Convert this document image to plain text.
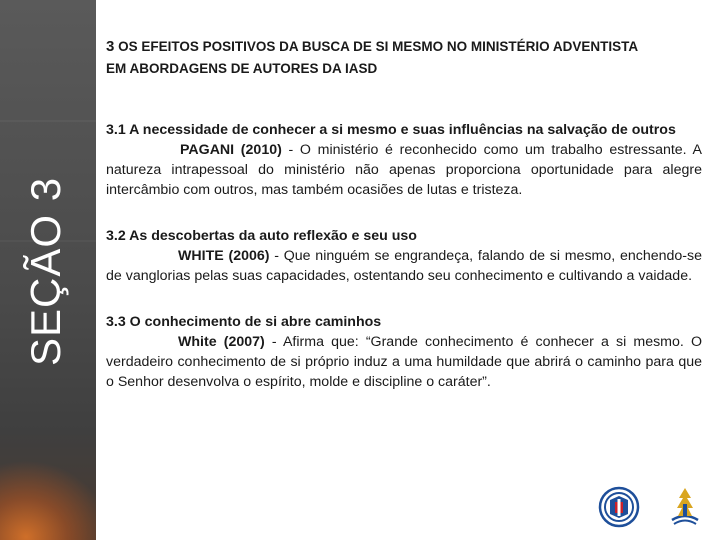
SEÇÃO 3

3 OS EFEITOS POSITIVOS DA BUSCA DE SI MESMO NO MINISTÉRIO ADVENTISTA
EM ABORDAGENS DE AUTORES DA IASD

3.1 A necessidade de conhecer a si mesmo e suas influências na salvação de outros

PAGANI (2010) - O ministério é reconhecido como um trabalho estressante. A natureza intrapessoal do ministério não apenas proporciona oportunidade para alegre intercâmbio com outros, mas também ocasiões de lutas e tristeza.

3.2 As descobertas da auto reflexão e seu uso

WHITE (2006) - Que ninguém se engrandeça, falando de si mesmo, enchendo-se de vanglorias pelas suas capacidades, ostentando seu conhecimento e cultivando a vaidade.

3.3 O conhecimento de si abre caminhos

White (2007) - Afirma que: “Grande conhecimento é conhecer a si mesmo. O verdadeiro conhecimento de si próprio induz a uma humildade que abrirá o caminho para que o Senhor desenvolva o espírito, molde e discipline o caráter”.
